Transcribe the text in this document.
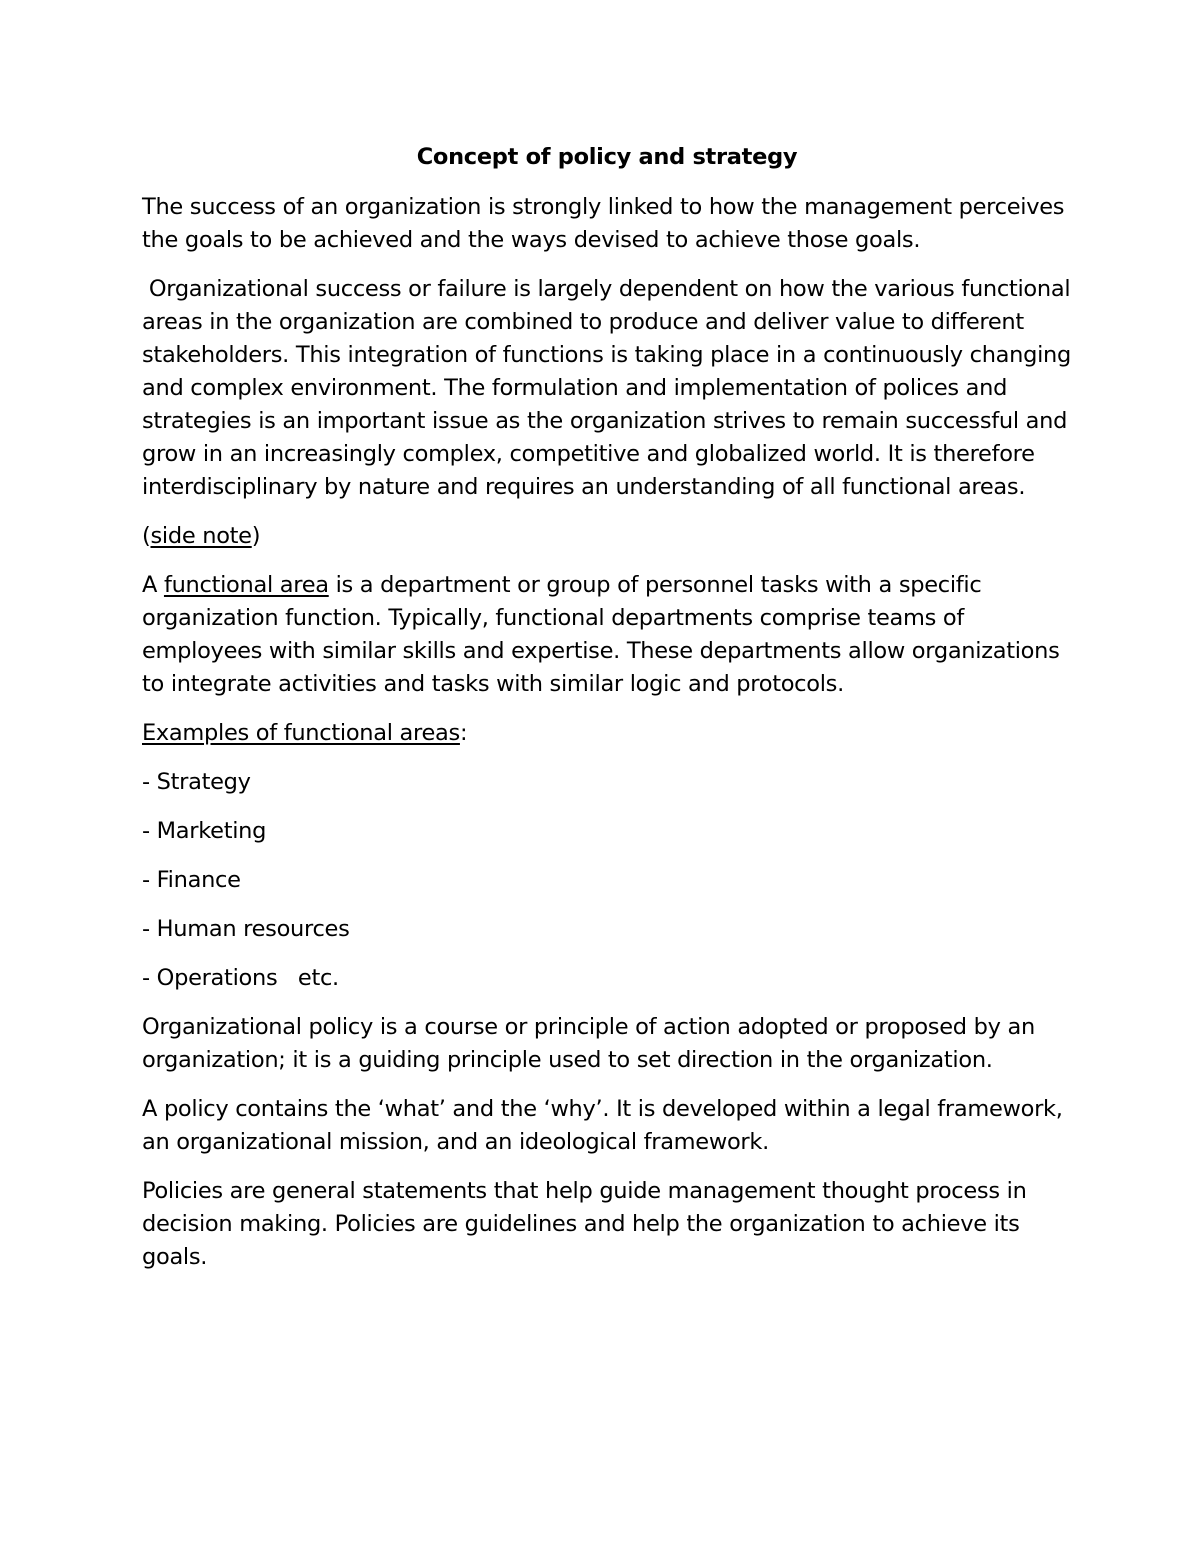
Concept of policy and strategy

The success of an organization is strongly linked to how the management perceives the goals to be achieved and the ways devised to achieve those goals.

Organizational success or failure is largely dependent on how the various functional areas in the organization are combined to produce and deliver value to different stakeholders. This integration of functions is taking place in a continuously changing and complex environment. The formulation and implementation of polices and strategies is an important issue as the organization strives to remain successful and grow in an increasingly complex, competitive and globalized world. It is therefore interdisciplinary by nature and requires an understanding of all functional areas.

(side note)

A functional area is a department or group of personnel tasks with a specific organization function. Typically, functional departments comprise teams of employees with similar skills and expertise. These departments allow organizations to integrate activities and tasks with similar logic and protocols.

Examples of functional areas:

- Strategy
- Marketing
- Finance
- Human resources
- Operations   etc.

Organizational policy is a course or principle of action adopted or proposed by an organization; it is a guiding principle used to set direction in the organization.

A policy contains the ‘what’ and the ‘why’. It is developed within a legal framework, an organizational mission, and an ideological framework.

Policies are general statements that help guide management thought process in decision making. Policies are guidelines and help the organization to achieve its goals.
